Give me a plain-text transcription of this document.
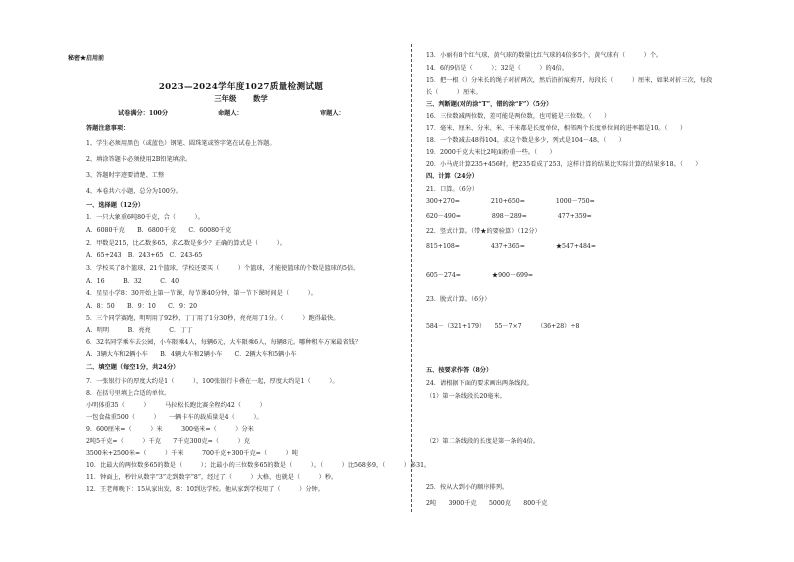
秘密★启用前
2023—2024学年度1027质量检测试题
三年级 数学
试卷满分：100分	命题人：	审题人：
答题注意事项：
1、学生必须用黑色（或蓝色）钢笔、圆珠笔或签字笔在试卷上答题。
2、填涂答题卡必须使用2B铅笔填涂。
3、答题时字迹要清楚、工整
4、本卷共六小题，总分为100分。
一、选择题（12分）
1．一只大象重6吨80千克，合（　　　）。
A．6080千克　　B．6800千克　　C．60080千克
2．甲数是215，比乙数多65，求乙数是多少？正确的算式是（　　　）。
A．65+243　B．243+65　C．243-65
3．学校买了8个篮球，21个篮球，学校还要买（　　　）个篮球，才能使篮球的个数是篮球的5倍。
A．16　　　B．32　　　C．40
4．星星小学8：30开始上第一节课，每节课40分钟，第一节下课时间是（　　　）。
A．8：50　　B．9：10　　C．9：20
5．三个同学赛跑，明明用了92秒，丁丁用了1分30秒，亮亮用了1分。（　　　）跑得最快。
A．明明　　　B．亮亮　　　C．丁丁
6．32名同学乘车去公园，小车限乘4人，每辆6元，大车限乘6人，每辆8元。哪种租车方案最省钱？
A．3辆大车和2辆小车　　B．4辆大车和2辆小车　　C．2辆大车和5辆小车
二、填空题（每空1分，共24分）
7．一张银行卡的厚度大约是1（　　　），100张银行卡叠在一起，厚度大约是1（　　　）。
8．在括号里填上合适的单位。
小明体重35（　　　）　　　马拉松长跑比赛全程约42（　　　）
一包食盐重500（　　　）　　一辆卡车的载质量是4（　　　）。
9．600厘米=（　　　）米　　　300毫米=（　　　）分米
2吨5千克=（　　　）千克　　7千克300克=（　　　）克
3500米+2500米=（　　　）千米　　　700千克+300千克=（　　　）吨
10．比最大的两位数多65的数是（　　　）；比最小的三位数多65的数是（　　　）。（　　　）比568多9，（　　　）多31。
11．钟面上，秒针从数字“3”走到数字“8”，经过了（　　　）大格，也就是（　　　）秒。
12．王老师晚下：15从家出发，8：10到达学校。他从家到学校用了（　　　）分钟。
13．小丽有8个红气球，黄气球的数量比红气球的4倍多5个，黄气球有（　　　）个。
14．6的9倍是（　　　）；32是（　　　）的4倍。
15．把一根（）分米长的绳子对折两次，然后沿折痕剪开，每段长（　　　）厘米，如果对折三次，每段
长（　　　）厘米。
三、判断题(对的涂“T”，错的涂“F”）（5分）
16．三位数减两位数，差可能是两位数，也可能是三位数。（　　）
17．毫米、厘米、分米、米、千米都是长度单位，相邻两个长度单位间的进率都是10。（　　）
18．一个数减去48得104，求这个数是多少，列式是104－48。（　　）
19．2000千克大米比2吨面粉重一些。（　　）
20．小马虎计算235+456时，把235看成了253，这样计算的结果比实际计算的结果多18。（　　）
四、计算（24分）
21．口算。（6分）
300+270=　　　　　210+650=　　　　　1000－750=
620－490=　　　　　898－289≈　　　　　477+359≈
22．竖式计算。（带★的要验算）（12分）
815+108=　　　　　437+365=　　　　　★547+484=
605－274=　　　　　★900－699=
23．脱式计算。（6分）
584－（321+179）　　55－7×7　　　（36+28）÷8
五、按要求作答（8分）
24．请根据下面的要求画出两条线段。
（1）第一条线段长20毫米。
（2）第二条线段的长度是第一条的4倍。
25．按从大到小的顺序排列。
2吨　　3900千克　　5000克　　800千克
